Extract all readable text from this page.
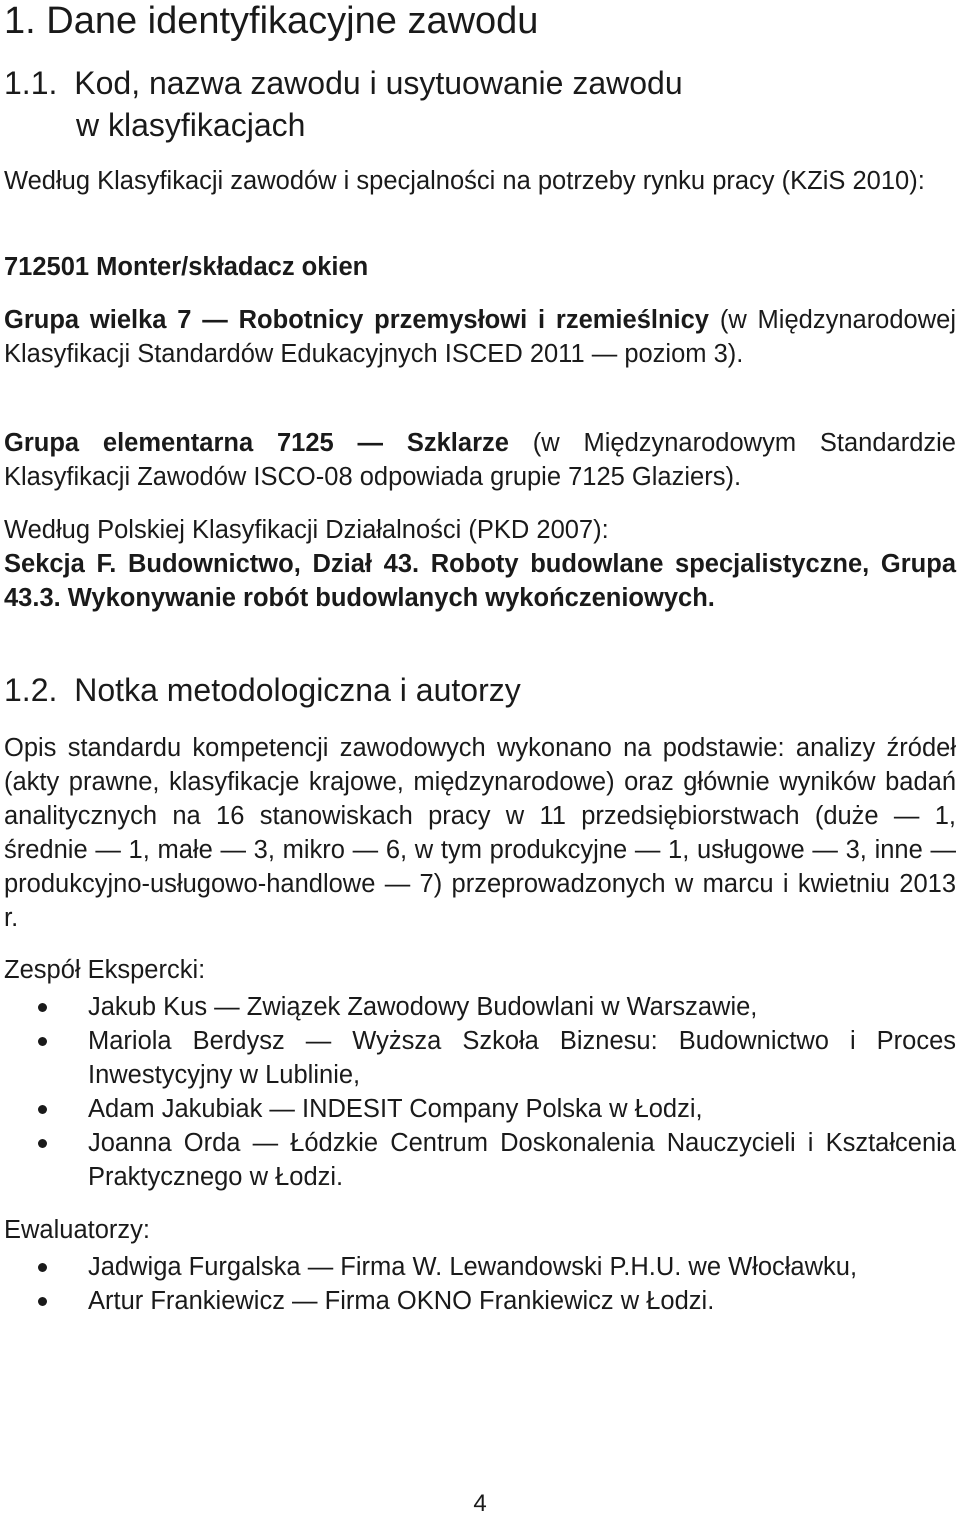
1. Dane identyfikacyjne zawodu
1.1. Kod, nazwa zawodu i usytuowanie zawodu
w klasyfikacjach

Według Klasyfikacji zawodów i specjalności na potrzeby rynku pracy (KZiS 2010):

712501 Monter/składacz okien

Grupa wielka 7 — Robotnicy przemysłowi i rzemieślnicy (w Międzynarodowej Klasyfikacji Standardów Edukacyjnych ISCED 2011 — poziom 3).

Grupa elementarna 7125 — Szklarze (w Międzynarodowym Standardzie Klasyfikacji Zawodów ISCO-08 odpowiada grupie 7125 Glaziers).

Według Polskiej Klasyfikacji Działalności (PKD 2007):

Sekcja F. Budownictwo, Dział 43. Roboty budowlane specjalistyczne, Grupa 43.3. Wykonywanie robót budowlanych wykończeniowych.

1.2. Notka metodologiczna i autorzy

Opis standardu kompetencji zawodowych wykonano na podstawie: analizy źródeł (akty prawne, klasyfikacje krajowe, międzynarodowe) oraz głównie wyników badań analitycznych na 16 stanowiskach pracy w 11 przedsiębiorstwach (duże — 1, średnie — 1, małe — 3, mikro — 6, w tym produkcyjne — 1, usługowe — 3, inne — produkcyjno-usługowo-handlowe — 7) przeprowadzonych w marcu i kwietniu 2013 r.

Zespół Ekspercki:

Jakub Kus — Związek Zawodowy Budowlani w Warszawie,
Mariola Berdysz — Wyższa Szkoła Biznesu: Budownictwo i Proces Inwestycyjny w Lublinie,
Adam Jakubiak — INDESIT Company Polska w Łodzi,
Joanna Orda — Łódzkie Centrum Doskonalenia Nauczycieli i Kształcenia Praktycznego w Łodzi.

Ewaluatorzy:

Jadwiga Furgalska — Firma W. Lewandowski P.H.U. we Włocławku,
Artur Frankiewicz — Firma OKNO Frankiewicz w Łodzi.
4
